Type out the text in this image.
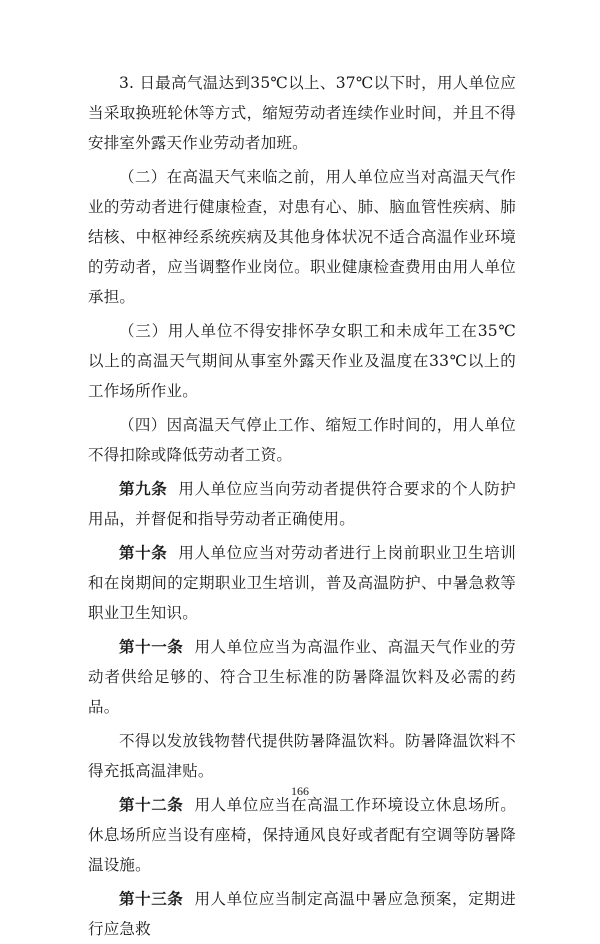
3. 日最高气温达到35℃以上、37℃以下时，用人单位应当采取换班轮休等方式，缩短劳动者连续作业时间，并且不得安排室外露天作业劳动者加班。

（二）在高温天气来临之前，用人单位应当对高温天气作业的劳动者进行健康检查，对患有心、肺、脑血管性疾病、肺结核、中枢神经系统疾病及其他身体状况不适合高温作业环境的劳动者，应当调整作业岗位。职业健康检查费用由用人单位承担。

（三）用人单位不得安排怀孕女职工和未成年工在35℃以上的高温天气期间从事室外露天作业及温度在33℃以上的工作场所作业。

（四）因高温天气停止工作、缩短工作时间的，用人单位不得扣除或降低劳动者工资。

第九条 用人单位应当向劳动者提供符合要求的个人防护用品，并督促和指导劳动者正确使用。

第十条 用人单位应当对劳动者进行上岗前职业卫生培训和在岗期间的定期职业卫生培训，普及高温防护、中暑急救等职业卫生知识。

第十一条 用人单位应当为高温作业、高温天气作业的劳动者供给足够的、符合卫生标准的防暑降温饮料及必需的药品。

不得以发放钱物替代提供防暑降温饮料。防暑降温饮料不得充抵高温津贴。

第十二条 用人单位应当在高温工作环境设立休息场所。休息场所应当设有座椅，保持通风良好或者配有空调等防暑降温设施。

第十三条 用人单位应当制定高温中暑应急预案，定期进行应急救

166
